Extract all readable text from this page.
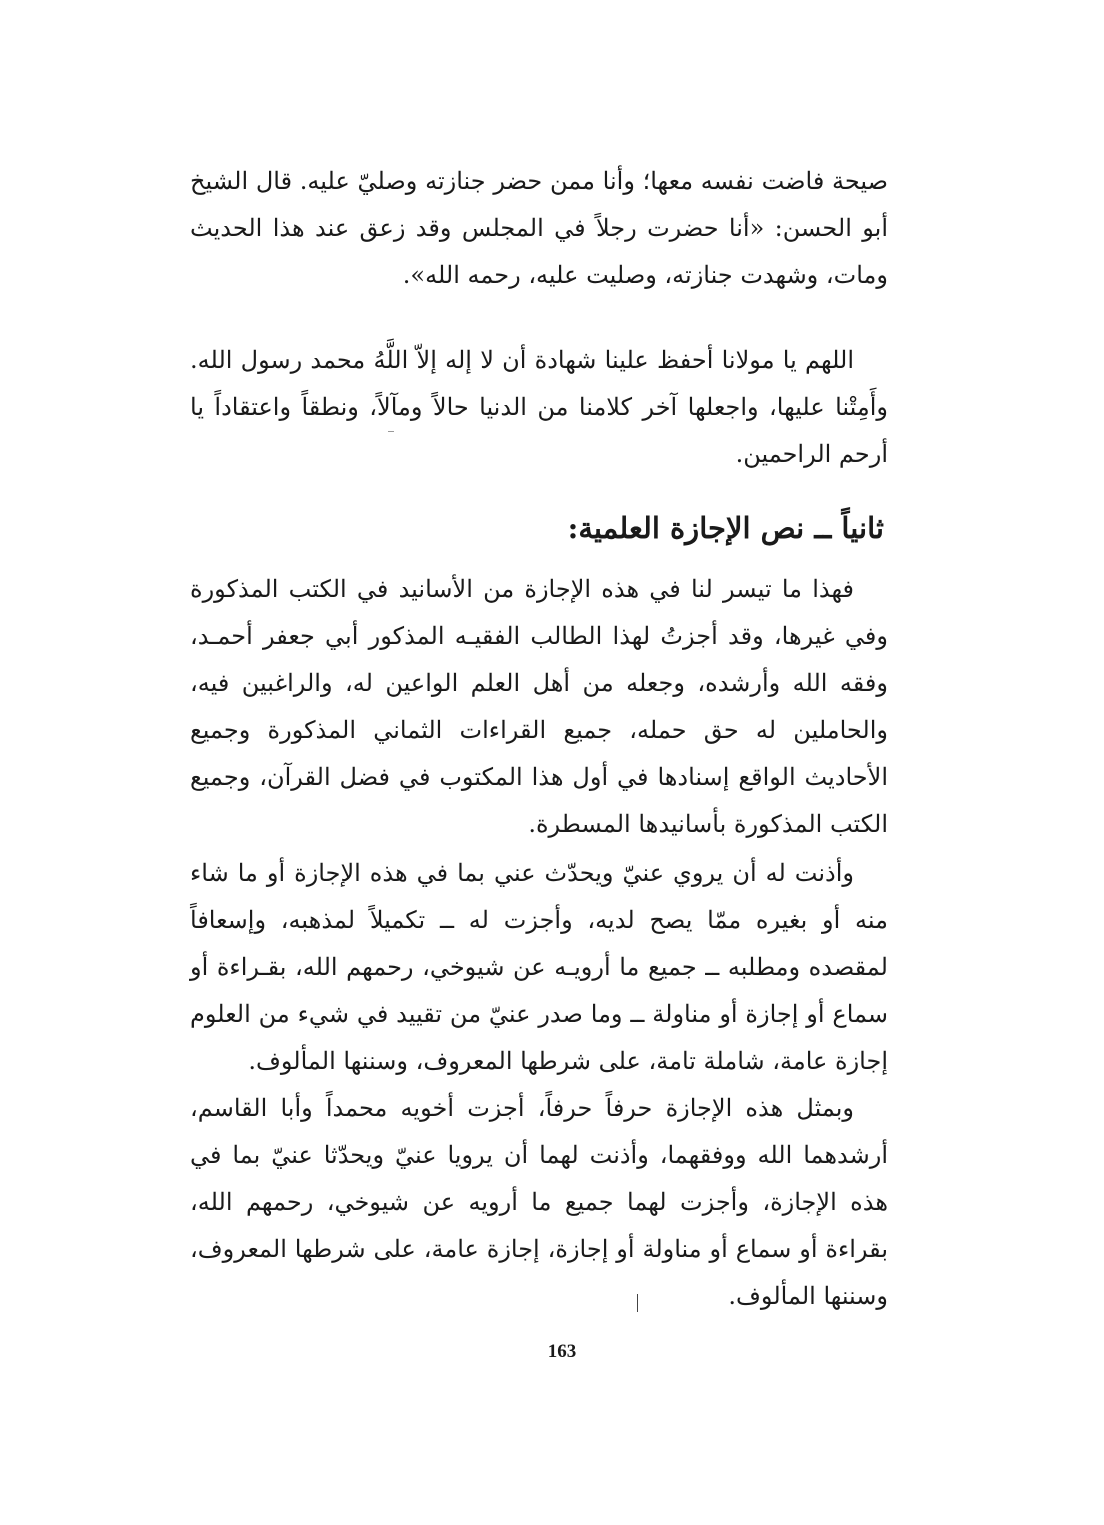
صيحة فاضت نفسه معها؛ وأنا ممن حضر جنازته وصليّ عليه. قال الشيخ أبو الحسن: «أنا حضرت رجلاً في المجلس وقد زعق عند هذا الحديث ومات، وشهدت جنازته، وصليت عليه، رحمه الله».

اللهم يا مولانا أحفظ علينا شهادة أن لا إله إلاّ اللَّهُ محمد رسول الله. وأَمِتْنا عليها، واجعلها آخر كلامنا من الدنيا حالاً ومآلاً، ونطقاً واعتقاداً يا أرحم الراحمين.

ثانياً ــ نص الإجازة العلمية:

فهذا ما تيسر لنا في هذه الإجازة من الأسانيد في الكتب المذكورة وفي غيرها، وقد أجزتُ لهذا الطالب الفقيـه المذكور أبي جعفر أحمـد، وفقه الله وأرشده، وجعله من أهل العلم الواعين له، والراغبين فيه، والحاملين له حق حمله، جميع القراءات الثماني المذكورة وجميع الأحاديث الواقع إسنادها في أول هذا المكتوب في فضل القرآن، وجميع الكتب المذكورة بأسانيدها المسطرة.

وأذنت له أن يروي عنيّ ويحدّث عني بما في هذه الإجازة أو ما شاء منه أو بغيره ممّا يصح لديه، وأجزت له ــ تكميلاً لمذهبه، وإسعافاً لمقصده ومطلبه ــ جميع ما أرويـه عن شيوخي، رحمهم الله، بقـراءة أو سماع أو إجازة أو مناولة ــ وما صدر عنيّ من تقييد في شيء من العلوم إجازة عامة، شاملة تامة، على شرطها المعروف، وسننها المألوف.

وبمثل هذه الإجازة حرفاً حرفاً، أجزت أخويه محمداً وأبا القاسم، أرشدهما الله ووفقهما، وأذنت لهما أن يرويا عنيّ ويحدّثا عنيّ بما في هذه الإجازة، وأجزت لهما جميع ما أرويه عن شيوخي، رحمهم الله، بقراءة أو سماع أو مناولة أو إجازة، إجازة عامة، على شرطها المعروف، وسننها المألوف.

163
